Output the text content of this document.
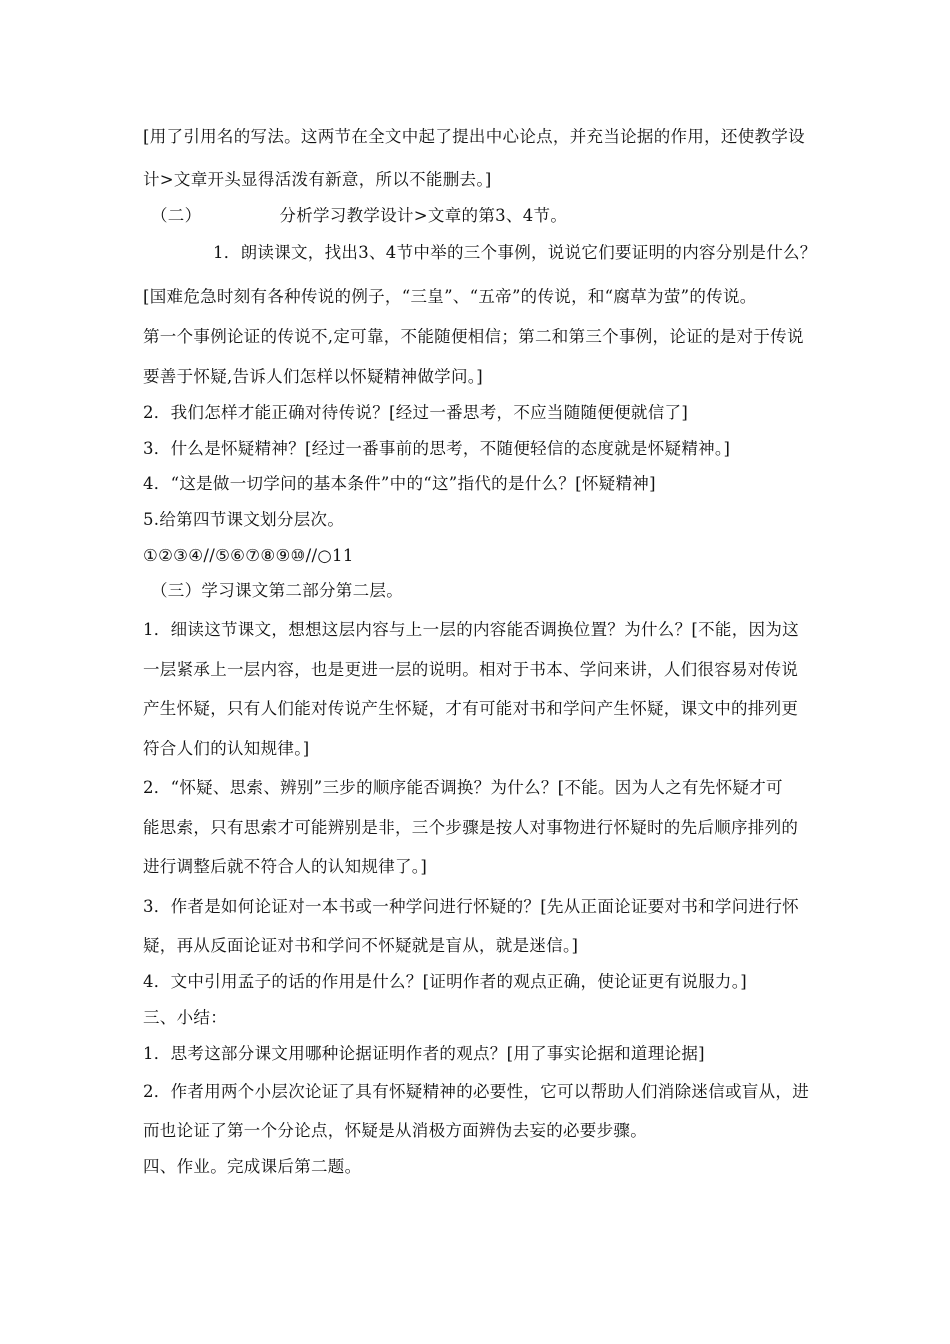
[用了引用名的写法。这两节在全文中起了提出中心论点，并充当论据的作用，还使教学设
计>文章开头显得活泼有新意，所以不能删去。]
（二）	分析学习教学设计>文章的第3、4节。
1．朗读课文，找出3、4节中举的三个事例，说说它们要证明的内容分别是什么？
[国难危急时刻有各种传说的例子，“三皇”、“五帝”的传说，和“腐草为萤”的传说。
第一个事例论证的传说不,定可靠，不能随便相信；第二和第三个事例，论证的是对于传说
要善于怀疑,告诉人们怎样以怀疑精神做学问。]
2．我们怎样才能正确对待传说？[经过一番思考，不应当随随便便就信了]
3．什么是怀疑精神？[经过一番事前的思考，不随便轻信的态度就是怀疑精神。]
4．“这是做一切学问的基本条件”中的“这”指代的是什么？[怀疑精神]
5.给第四节课文划分层次。
①②③④//⑤⑥⑦⑧⑨⑩//○11
（三）学习课文第二部分第二层。
1．细读这节课文，想想这层内容与上一层的内容能否调换位置？为什么？[不能，因为这
一层紧承上一层内容，也是更进一层的说明。相对于书本、学问来讲，人们很容易对传说
产生怀疑，只有人们能对传说产生怀疑，才有可能对书和学问产生怀疑，课文中的排列更
符合人们的认知规律。]
2．“怀疑、思索、辨别”三步的顺序能否调换？为什么？[不能。因为人之有先怀疑才可
能思索，只有思索才可能辨别是非，三个步骤是按人对事物进行怀疑时的先后顺序排列的
进行调整后就不符合人的认知规律了。]
3．作者是如何论证对一本书或一种学问进行怀疑的？[先从正面论证要对书和学问进行怀
疑，再从反面论证对书和学问不怀疑就是盲从，就是迷信。]
4．文中引用孟子的话的作用是什么？[证明作者的观点正确，使论证更有说服力。]
三、小结：
1．思考这部分课文用哪种论据证明作者的观点？[用了事实论据和道理论据]
2．作者用两个小层次论证了具有怀疑精神的必要性，它可以帮助人们消除迷信或盲从，进
而也论证了第一个分论点，怀疑是从消极方面辨伪去妄的必要步骤。
四、作业。完成课后第二题。
